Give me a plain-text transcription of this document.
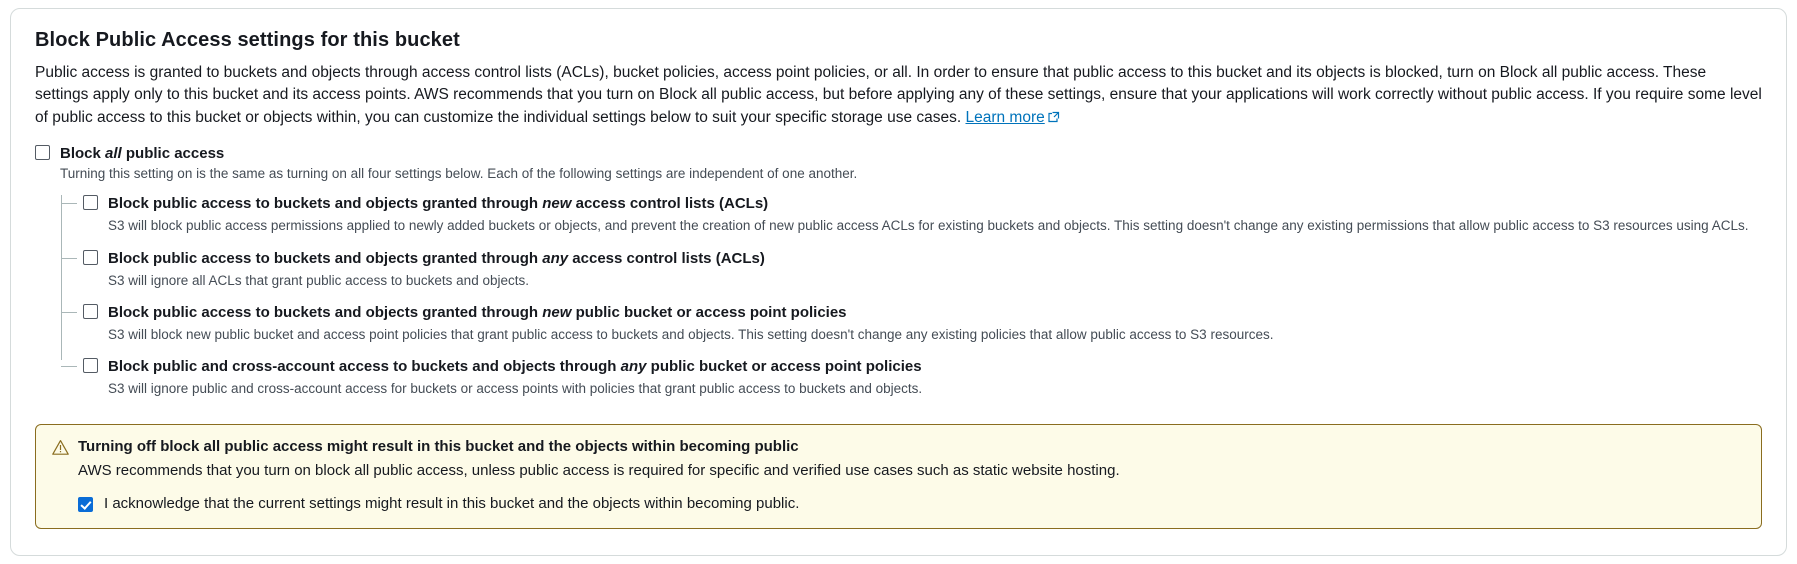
Block Public Access settings for this bucket

Public access is granted to buckets and objects through access control lists (ACLs), bucket policies, access point policies, or all. In order to ensure that public access to this bucket and its objects is blocked, turn on Block all public access. These settings apply only to this bucket and its access points. AWS recommends that you turn on Block all public access, but before applying any of these settings, ensure that your applications will work correctly without public access. If you require some level of public access to this bucket or objects within, you can customize the individual settings below to suit your specific storage use cases. Learn more

Block all public access
Turning this setting on is the same as turning on all four settings below. Each of the following settings are independent of one another.
Block public access to buckets and objects granted through new access control lists (ACLs)
S3 will block public access permissions applied to newly added buckets or objects, and prevent the creation of new public access ACLs for existing buckets and objects. This setting doesn't change any existing permissions that allow public access to S3 resources using ACLs.
Block public access to buckets and objects granted through any access control lists (ACLs)
S3 will ignore all ACLs that grant public access to buckets and objects.
Block public access to buckets and objects granted through new public bucket or access point policies
S3 will block new public bucket and access point policies that grant public access to buckets and objects. This setting doesn't change any existing policies that allow public access to S3 resources.
Block public and cross-account access to buckets and objects through any public bucket or access point policies
S3 will ignore public and cross-account access for buckets or access points with policies that grant public access to buckets and objects.
Turning off block all public access might result in this bucket and the objects within becoming public
AWS recommends that you turn on block all public access, unless public access is required for specific and verified use cases such as static website hosting.
I acknowledge that the current settings might result in this bucket and the objects within becoming public.
